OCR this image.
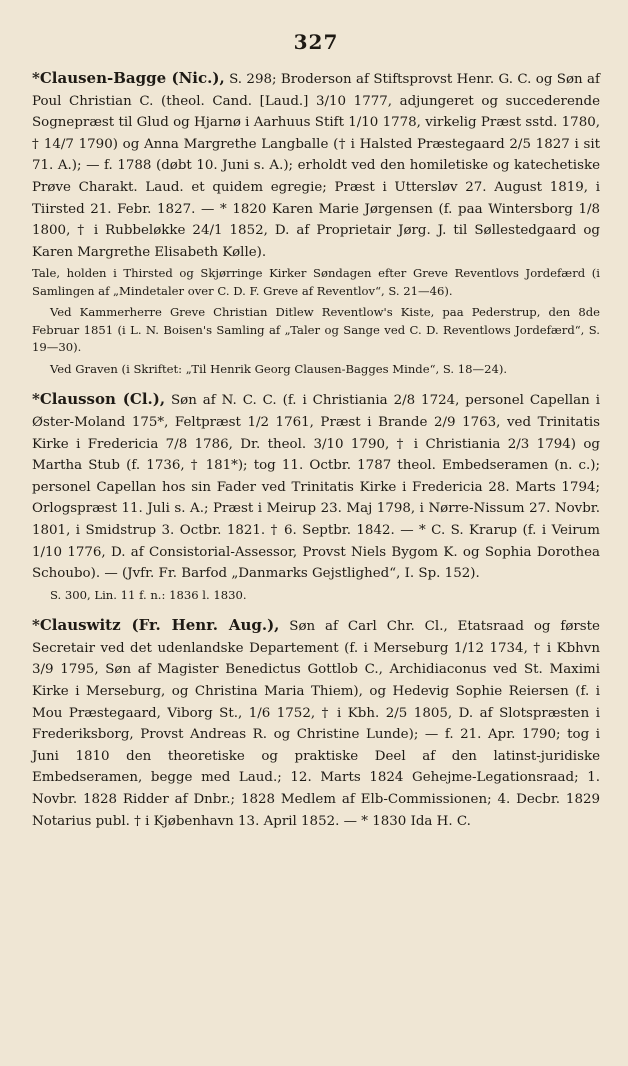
327
*Clausen-Bagge (Nic.), S. 298; Broderson af Stiftsprovst Henr. G. C. og Søn af Poul Christian C. (theol. Cand. [Laud.] 3/10 1777, adjungeret og succederende Sognepræst til Glud og Hjarnø i Aarhuus Stift 1/10 1778, virkelig Præst sstd. 1780, † 14/7 1790) og Anna Margrethe Langballe († i Halsted Præstegaard 2/5 1827 i sit 71. A.); — f. 1788 (døbt 10. Juni s. A.); erholdt ved den homiletiske og katechetiske Prøve Charakt. Laud. et quidem egregie; Præst i Uttersløv 27. August 1819, i Tiirsted 21. Febr. 1827. — * 1820 Karen Marie Jørgensen (f. paa Wintersborg 1/8 1800, † i Rubbeløkke 24/1 1852, D. af Proprietair Jørg. J. til Søllestedgaard og Karen Margrethe Elisabeth Kølle).

Tale, holden i Thirsted og Skjørringe Kirker Søndagen efter Greve Reventlovs Jordefærd (i Samlingen af „Mindetaler over C. D. F. Greve af Reventlov“, S. 21—46).

Ved Kammerherre Greve Christian Ditlew Reventlow's Kiste, paa Pederstrup, den 8de Februar 1851 (i L. N. Boisen's Samling af „Taler og Sange ved C. D. Reventlows Jordefærd“, S. 19—30).

Ved Graven (i Skriftet: „Til Henrik Georg Clausen-Bagges Minde“, S. 18—24).

*Clausson (Cl.), Søn af N. C. C. (f. i Christiania 2/8 1724, personel Capellan i Øster-Moland 175*, Feltpræst 1/2 1761, Præst i Brande 2/9 1763, ved Trinitatis Kirke i Fredericia 7/8 1786, Dr. theol. 3/10 1790, † i Christiania 2/3 1794) og Martha Stub (f. 1736, † 181*); tog 11. Octbr. 1787 theol. Embedseramen (n. c.); personel Capellan hos sin Fader ved Trinitatis Kirke i Fredericia 28. Marts 1794; Orlogspræst 11. Juli s. A.; Præst i Meirup 23. Maj 1798, i Nørre-Nissum 27. Novbr. 1801, i Smidstrup 3. Octbr. 1821. † 6. Septbr. 1842. — * C. S. Krarup (f. i Veirum 1/10 1776, D. af Consistorial-Assessor, Provst Niels Bygom K. og Sophia Dorothea Schoubo). — (Jvfr. Fr. Barfod „Danmarks Gejstlighed“, I. Sp. 152).

S. 300, Lin. 11 f. n.: 1836 l. 1830.

*Clauswitz (Fr. Henr. Aug.), Søn af Carl Chr. Cl., Etatsraad og første Secretair ved det udenlandske Departement (f. i Merseburg 1/12 1734, † i Kbhvn 3/9 1795, Søn af Magister Benedictus Gottlob C., Archidiaconus ved St. Maximi Kirke i Merseburg, og Christina Maria Thiem), og Hedevig Sophie Reiersen (f. i Mou Præstegaard, Viborg St., 1/6 1752, † i Kbh. 2/5 1805, D. af Slotspræsten i Frederiksborg, Provst Andreas R. og Christine Lunde); — f. 21. Apr. 1790; tog i Juni 1810 den theoretiske og praktiske Deel af den latinst-juridiske Embedseramen, begge med Laud.; 12. Marts 1824 Gehejme-Legationsraad; 1. Novbr. 1828 Ridder af Dnbr.; 1828 Medlem af Elb-Commissionen; 4. Decbr. 1829 Notarius publ. † i Kjøbenhavn 13. April 1852. — * 1830 Ida H. C.
